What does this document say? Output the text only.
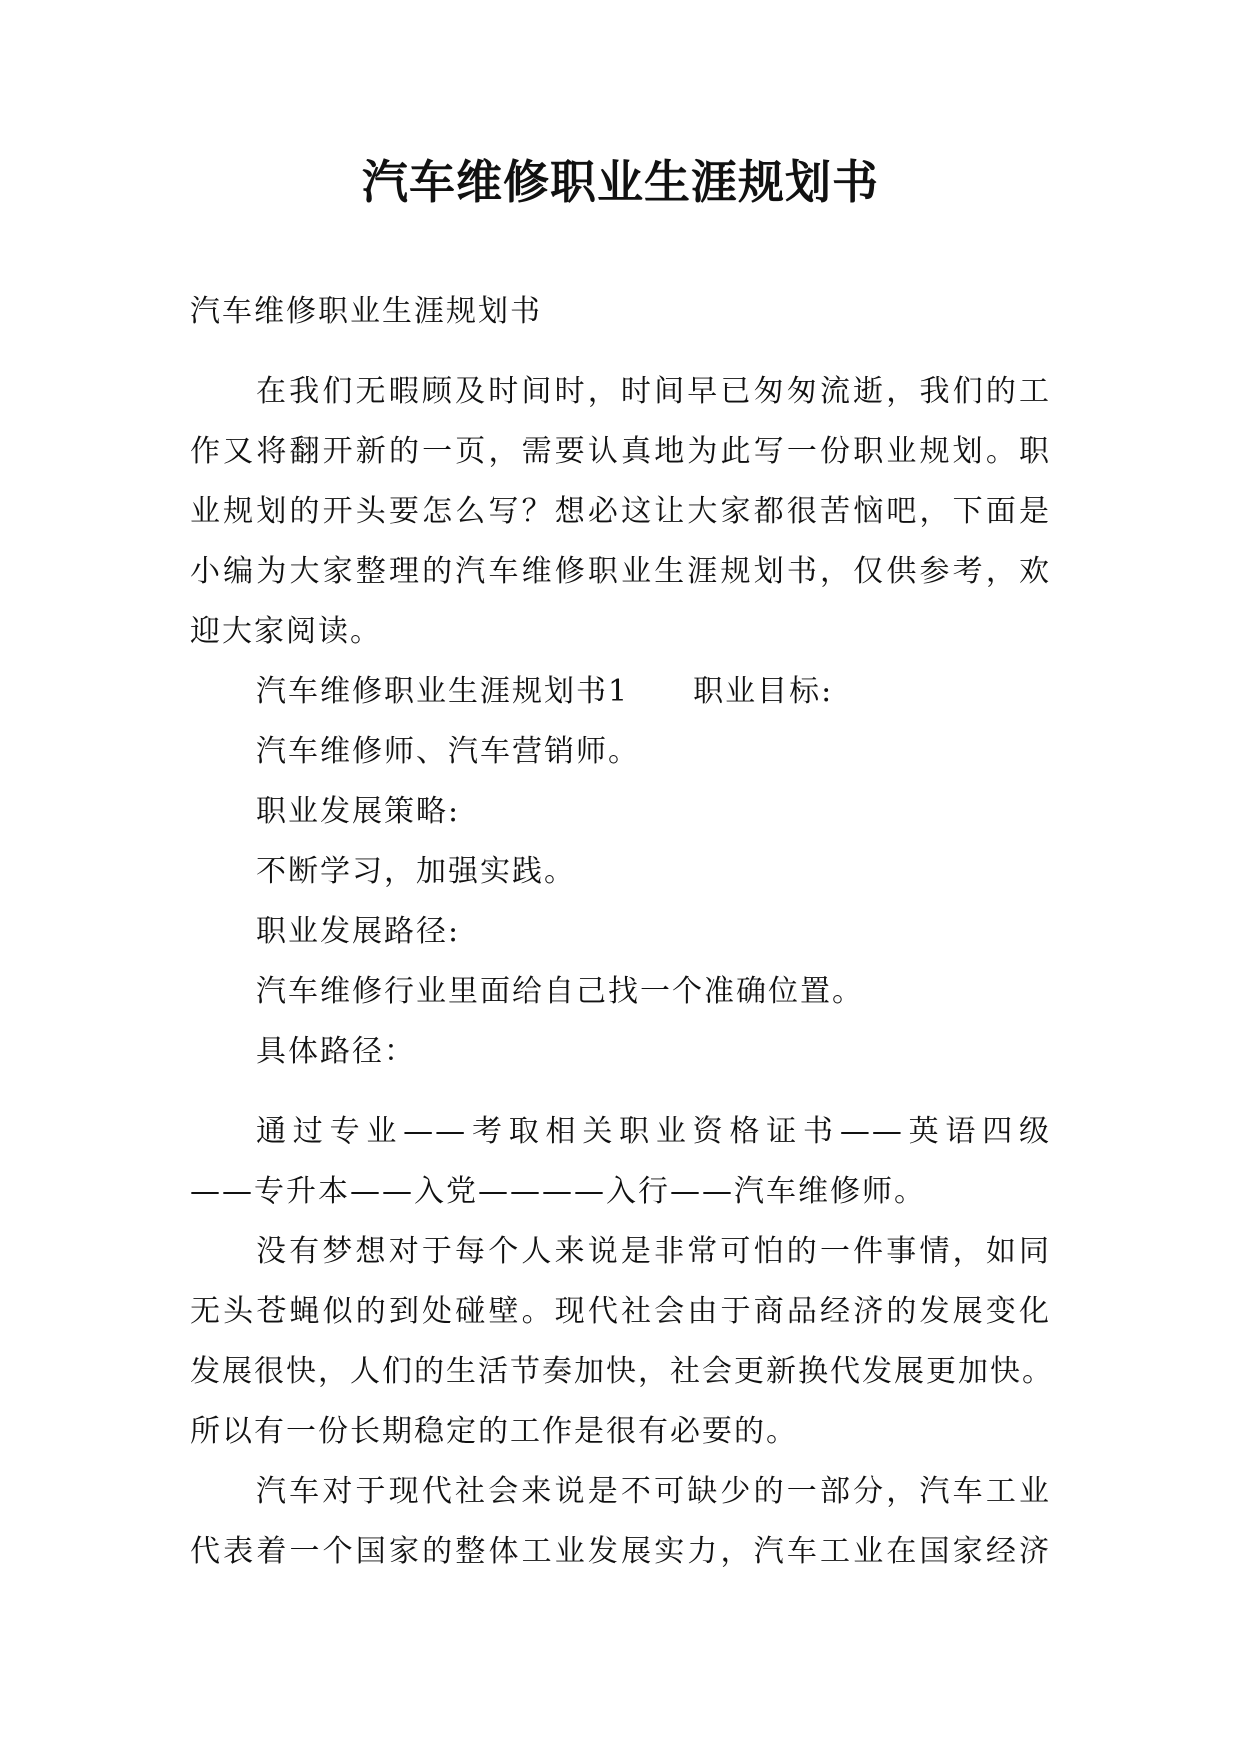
汽车维修职业生涯规划书
汽车维修职业生涯规划书
在我们无暇顾及时间时，时间早已匆匆流逝，我们的工
作又将翻开新的一页，需要认真地为此写一份职业规划。职
业规划的开头要怎么写？想必这让大家都很苦恼吧，下面是
小编为大家整理的汽车维修职业生涯规划书，仅供参考，欢
迎大家阅读。
汽车维修职业生涯规划书1　　职业目标:
汽车维修师、汽车营销师。
职业发展策略:
不断学习，加强实践。
职业发展路径:
汽车维修行业里面给自己找一个准确位置。
具体路径：
通过专业——考取相关职业资格证书——英语四级
——专升本——入党————入行——汽车维修师。
没有梦想对于每个人来说是非常可怕的一件事情，如同
无头苍蝇似的到处碰壁。现代社会由于商品经济的发展变化
发展很快，人们的生活节奏加快，社会更新换代发展更加快。
所以有一份长期稳定的工作是很有必要的。
汽车对于现代社会来说是不可缺少的一部分，汽车工业
代表着一个国家的整体工业发展实力，汽车工业在国家经济
